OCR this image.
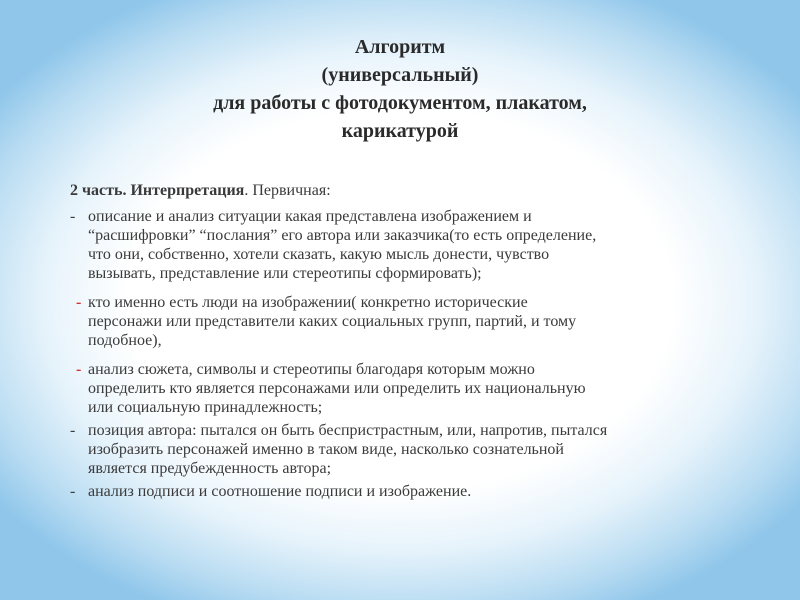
Алгоритм
(универсальный)
для работы с фотодокументом, плакатом,
карикатурой
2 часть. Интерпретация. Первичная:
- описание и анализ ситуации какая представлена изображением и
“расшифровки” “послания” его автора или заказчика(то есть определение,
что они, собственно, хотели сказать, какую мысль донести, чувство
вызывать, представление или стереотипы сформировать);
- кто именно есть люди на изображении( конкретно исторические
персонажи или представители каких социальных групп, партий, и тому
подобное),
- анализ сюжета, символы и стереотипы благодаря которым можно
определить кто является персонажами или определить их национальную
или социальную принадлежность;
- позиция автора: пытался он быть беспристрастным, или, напротив, пытался
изобразить персонажей именно в таком виде, насколько сознательной
является предубежденность автора;
- анализ подписи и соотношение подписи и изображение.
